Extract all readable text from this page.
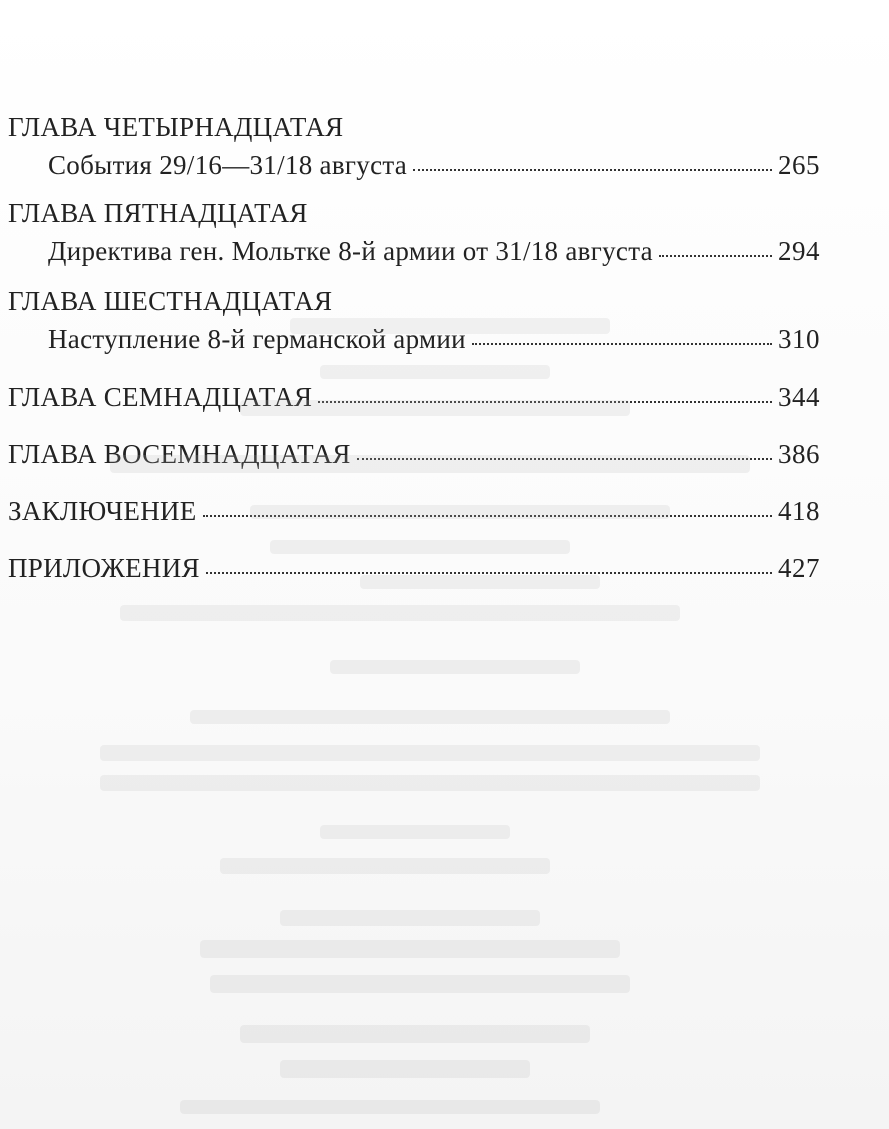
ГЛАВА ЧЕТЫРНАДЦАТАЯ
События 29/16—31/18 августа	265
ГЛАВА ПЯТНАДЦАТАЯ
Директива ген. Мольтке 8-й армии от 31/18 августа	294
ГЛАВА ШЕСТНАДЦАТАЯ
Наступление 8-й германской армии	310
ГЛАВА СЕМНАДЦАТАЯ	344
ГЛАВА ВОСЕМНАДЦАТАЯ	386
ЗАКЛЮЧЕНИЕ	418
ПРИЛОЖЕНИЯ	427
